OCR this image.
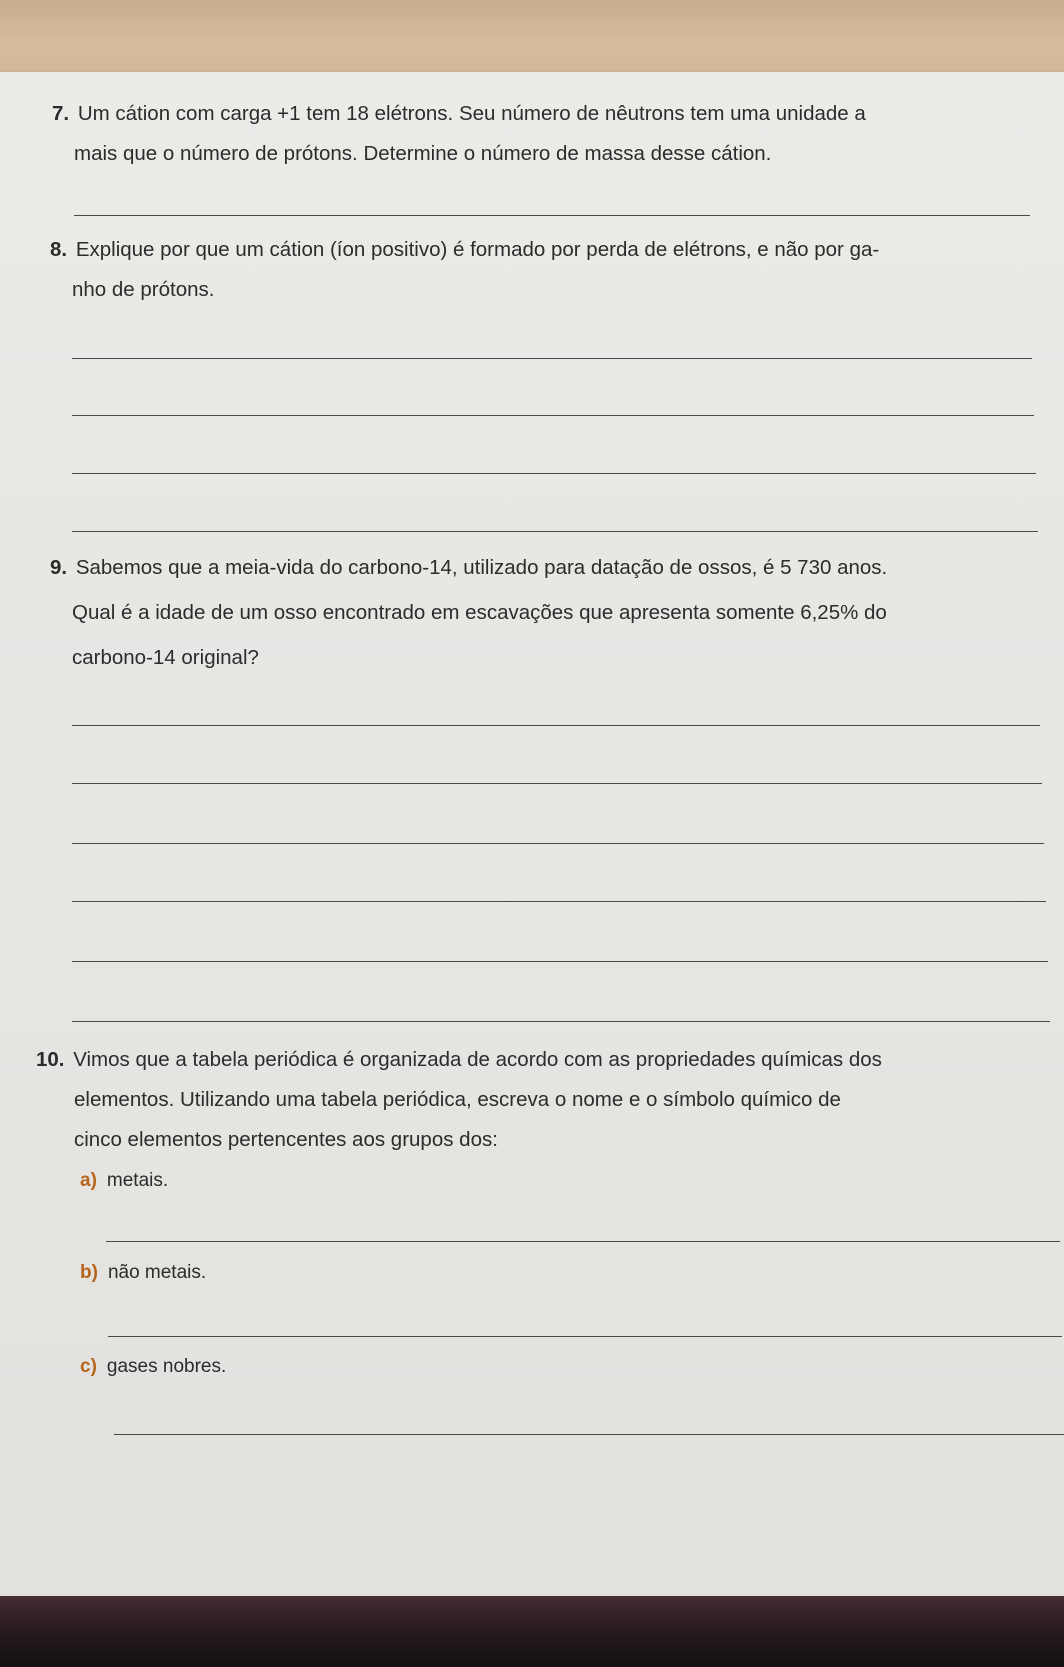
7. Um cátion com carga +1 tem 18 elétrons. Seu número de nêutrons tem uma unidade a
mais que o número de prótons. Determine o número de massa desse cátion.
8. Explique por que um cátion (íon positivo) é formado por perda de elétrons, e não por ga-
nho de prótons.
9. Sabemos que a meia-vida do carbono-14, utilizado para datação de ossos, é 5 730 anos.
Qual é a idade de um osso encontrado em escavações que apresenta somente 6,25% do
carbono-14 original?
10. Vimos que a tabela periódica é organizada de acordo com as propriedades químicas dos
elementos. Utilizando uma tabela periódica, escreva o nome e o símbolo químico de
cinco elementos pertencentes aos grupos dos:
a) metais.
b) não metais.
c) gases nobres.
